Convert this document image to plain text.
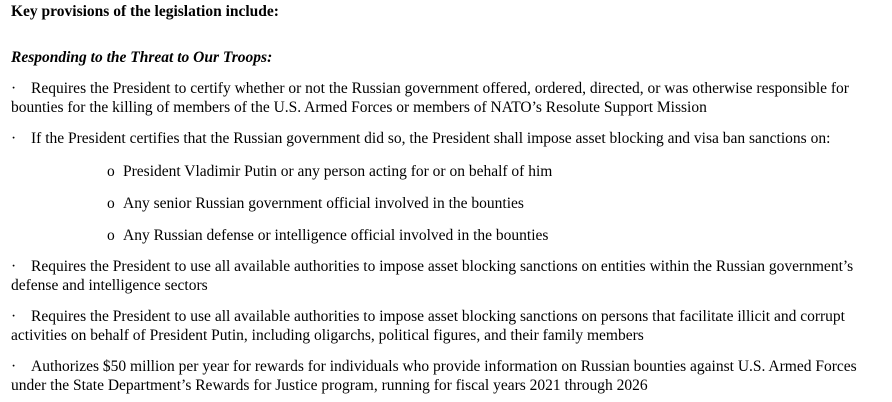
Key provisions of the legislation include:
Responding to the Threat to Our Troops:
· Requires the President to certify whether or not the Russian government offered, ordered, directed, or was otherwise responsible for bounties for the killing of members of the U.S. Armed Forces or members of NATO’s Resolute Support Mission
· If the President certifies that the Russian government did so, the President shall impose asset blocking and visa ban sanctions on:
o President Vladimir Putin or any person acting for or on behalf of him
o Any senior Russian government official involved in the bounties
o Any Russian defense or intelligence official involved in the bounties
· Requires the President to use all available authorities to impose asset blocking sanctions on entities within the Russian government’s defense and intelligence sectors
· Requires the President to use all available authorities to impose asset blocking sanctions on persons that facilitate illicit and corrupt activities on behalf of President Putin, including oligarchs, political figures, and their family members
· Authorizes $50 million per year for rewards for individuals who provide information on Russian bounties against U.S. Armed Forces under the State Department’s Rewards for Justice program, running for fiscal years 2021 through 2026
